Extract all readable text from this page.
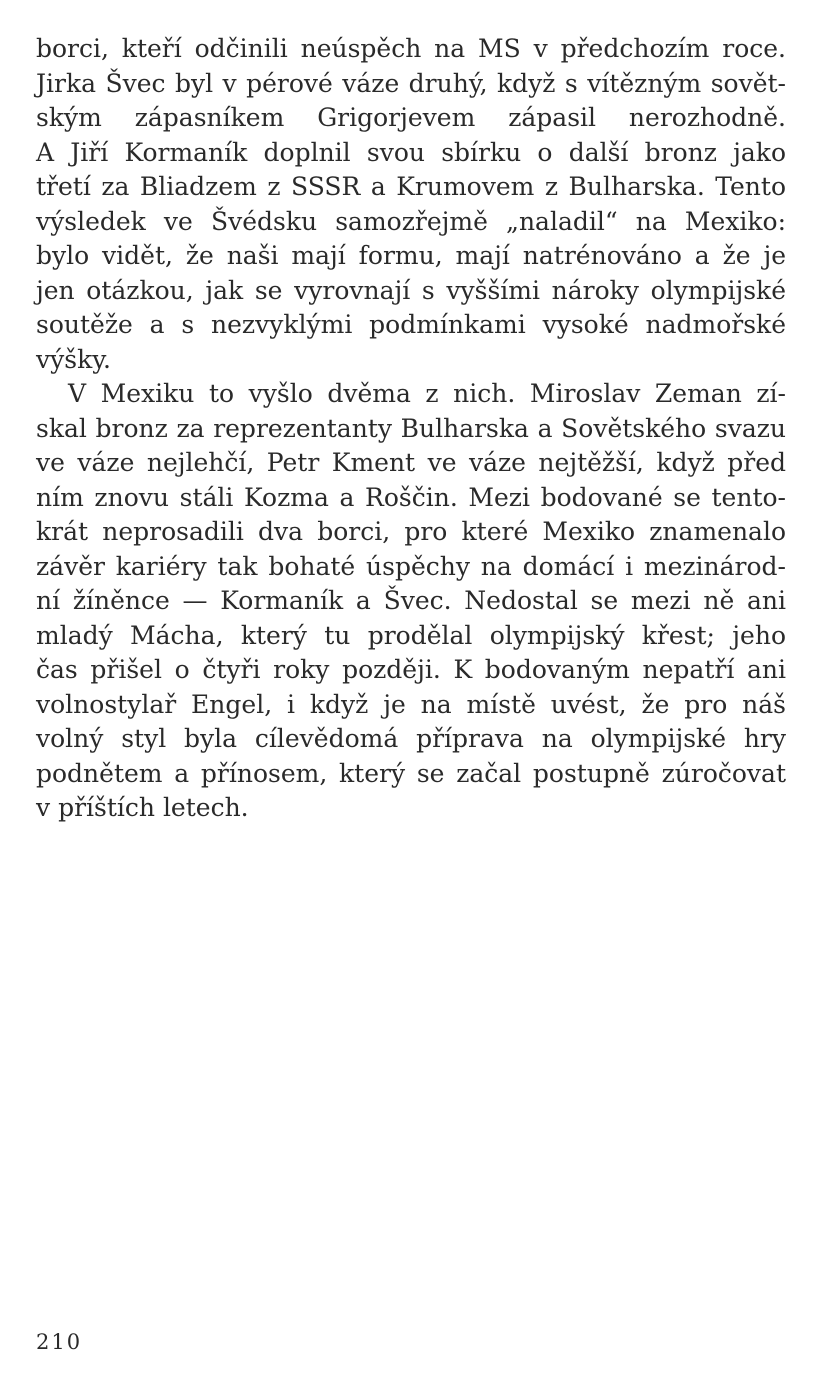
borci, kteří odčinili neúspěch na MS v předchozím roce.
Jirka Švec byl v pérové váze druhý, když s vítězným sovět-
ským zápasníkem Grigorjevem zápasil nerozhodně.
A Jiří Kormaník doplnil svou sbírku o další bronz jako
třetí za Bliadzem z SSSR a Krumovem z Bulharska. Tento
výsledek ve Švédsku samozřejmě „naladil“ na Mexiko:
bylo vidět, že naši mají formu, mají natrénováno a že je
jen otázkou, jak se vyrovnají s vyššími nároky olympijské
soutěže a s nezvyklými podmínkami vysoké nadmořské
výšky.
V Mexiku to vyšlo dvěma z nich. Miroslav Zeman zí-
skal bronz za reprezentanty Bulharska a Sovětského svazu
ve váze nejlehčí, Petr Kment ve váze nejtěžší, když před
ním znovu stáli Kozma a Roščin. Mezi bodované se tento-
krát neprosadili dva borci, pro které Mexiko znamenalo
závěr kariéry tak bohaté úspěchy na domácí i mezinárod-
ní žíněnce — Kormaník a Švec. Nedostal se mezi ně ani
mladý Mácha, který tu prodělal olympijský křest; jeho
čas přišel o čtyři roky později. K bodovaným nepatří ani
volnostylař Engel, i když je na místě uvést, že pro náš
volný styl byla cílevědomá příprava na olympijské hry
podnětem a přínosem, který se začal postupně zúročovat
v příštích letech.
210
